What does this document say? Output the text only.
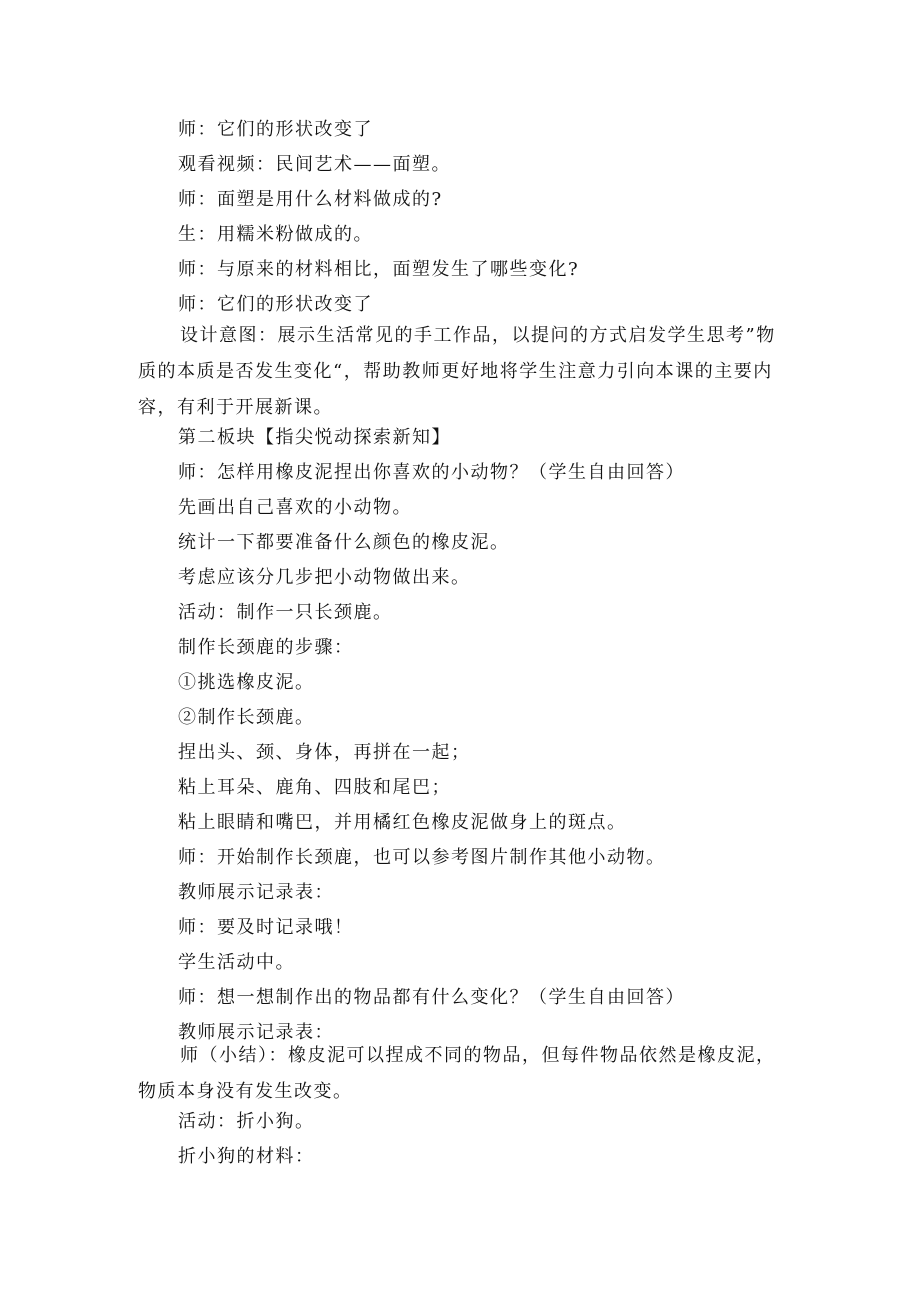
师：它们的形状改变了
观看视频：民间艺术——面塑。
师：面塑是用什么材料做成的?
生：用糯米粉做成的。
师：与原来的材料相比，面塑发生了哪些变化?
师：它们的形状改变了
设计意图：展示生活常见的手工作品，以提问的方式启发学生思考”物质的本质是否发生变化“，帮助教师更好地将学生注意力引向本课的主要内容，有利于开展新课。
第二板块【指尖悦动探索新知】
师：怎样用橡皮泥捏出你喜欢的小动物？（学生自由回答）
先画出自己喜欢的小动物。
统计一下都要准备什么颜色的橡皮泥。
考虑应该分几步把小动物做出来。
活动：制作一只长颈鹿。
制作长颈鹿的步骤：
①挑选橡皮泥。
②制作长颈鹿。
捏出头、颈、身体，再拼在一起；
粘上耳朵、鹿角、四肢和尾巴；
粘上眼睛和嘴巴，并用橘红色橡皮泥做身上的斑点。
师：开始制作长颈鹿，也可以参考图片制作其他小动物。
教师展示记录表：
师：要及时记录哦！
学生活动中。
师：想一想制作出的物品都有什么变化？（学生自由回答）
教师展示记录表：
师（小结）：橡皮泥可以捏成不同的物品，但每件物品依然是橡皮泥，物质本身没有发生改变。
活动：折小狗。
折小狗的材料：
